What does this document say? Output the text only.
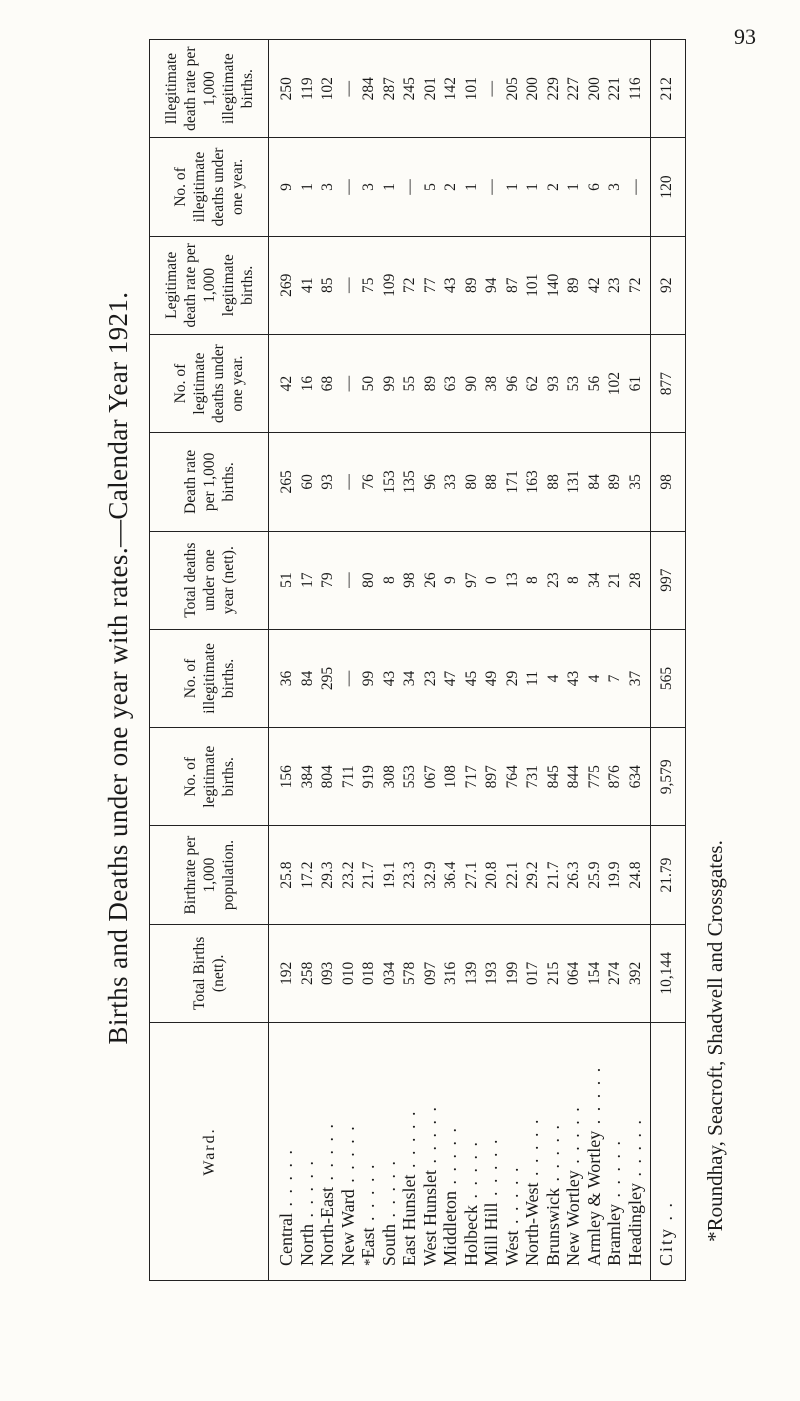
93
Births and Deaths under one year with rates.—Calendar Year 1921.
Ward.	Total Births (nett).	Birthrate per 1,000 population.	No. of legitimate births.	No. of illegitimate births.	Total deaths under one year (nett).	Death rate per 1,000 births.	No. of legitimate deaths under one year.	Legitimate death rate per 1,000 legitimate births.	No. of illegitimate deaths under one year.	Illegitimate death rate per 1,000 illegitimate births.
Central . . . . .	192	25.8	156	36	51	265	42	269	9	250
North . . . . .	258	17.2	384	84	17	60	16	41	1	119
North-East . . . . .	093	29.3	804	295	79	93	68	85	3	102
New Ward . . . . .	010	23.2	711	—	—	—	—	—	—	—
*East . . . . .	018	21.7	919	99	80	76	50	75	3	284
South . . . . .	034	19.1	308	43	8	153	99	109	1	287
East Hunslet . . . . .	578	23.3	553	34	98	135	55	72	—	245
West Hunslet . . . . .	097	32.9	067	23	26	96	89	77	5	201
Middleton . . . . .	316	36.4	108	47	9	33	63	43	2	142
Holbeck . . . . .	139	27.1	717	45	97	80	90	89	1	101
Mill Hill . . . . .	193	20.8	897	49	0	88	38	94	—	—
West . . . . .	199	22.1	764	29	13	171	96	87	1	205
North-West . . . . .	017	29.2	731	11	8	163	62	101	1	200
Brunswick . . . . .	215	21.7	845	4	23	88	93	140	2	229
New Wortley . . . . .	064	26.3	844	43	8	131	53	89	1	227
Armley & Wortley . . . . .	154	25.9	775	4	34	84	56	42	6	200
Bramley . . . . .	274	19.9	876	7	21	89	102	23	3	221
Headingley . . . . .	392	24.8	634	37	28	35	61	72	—	116
City . .	10,144	21.79	9,579	565	997	98	877	92	120	212
*Roundhay, Seacroft, Shadwell and Crossgates.
